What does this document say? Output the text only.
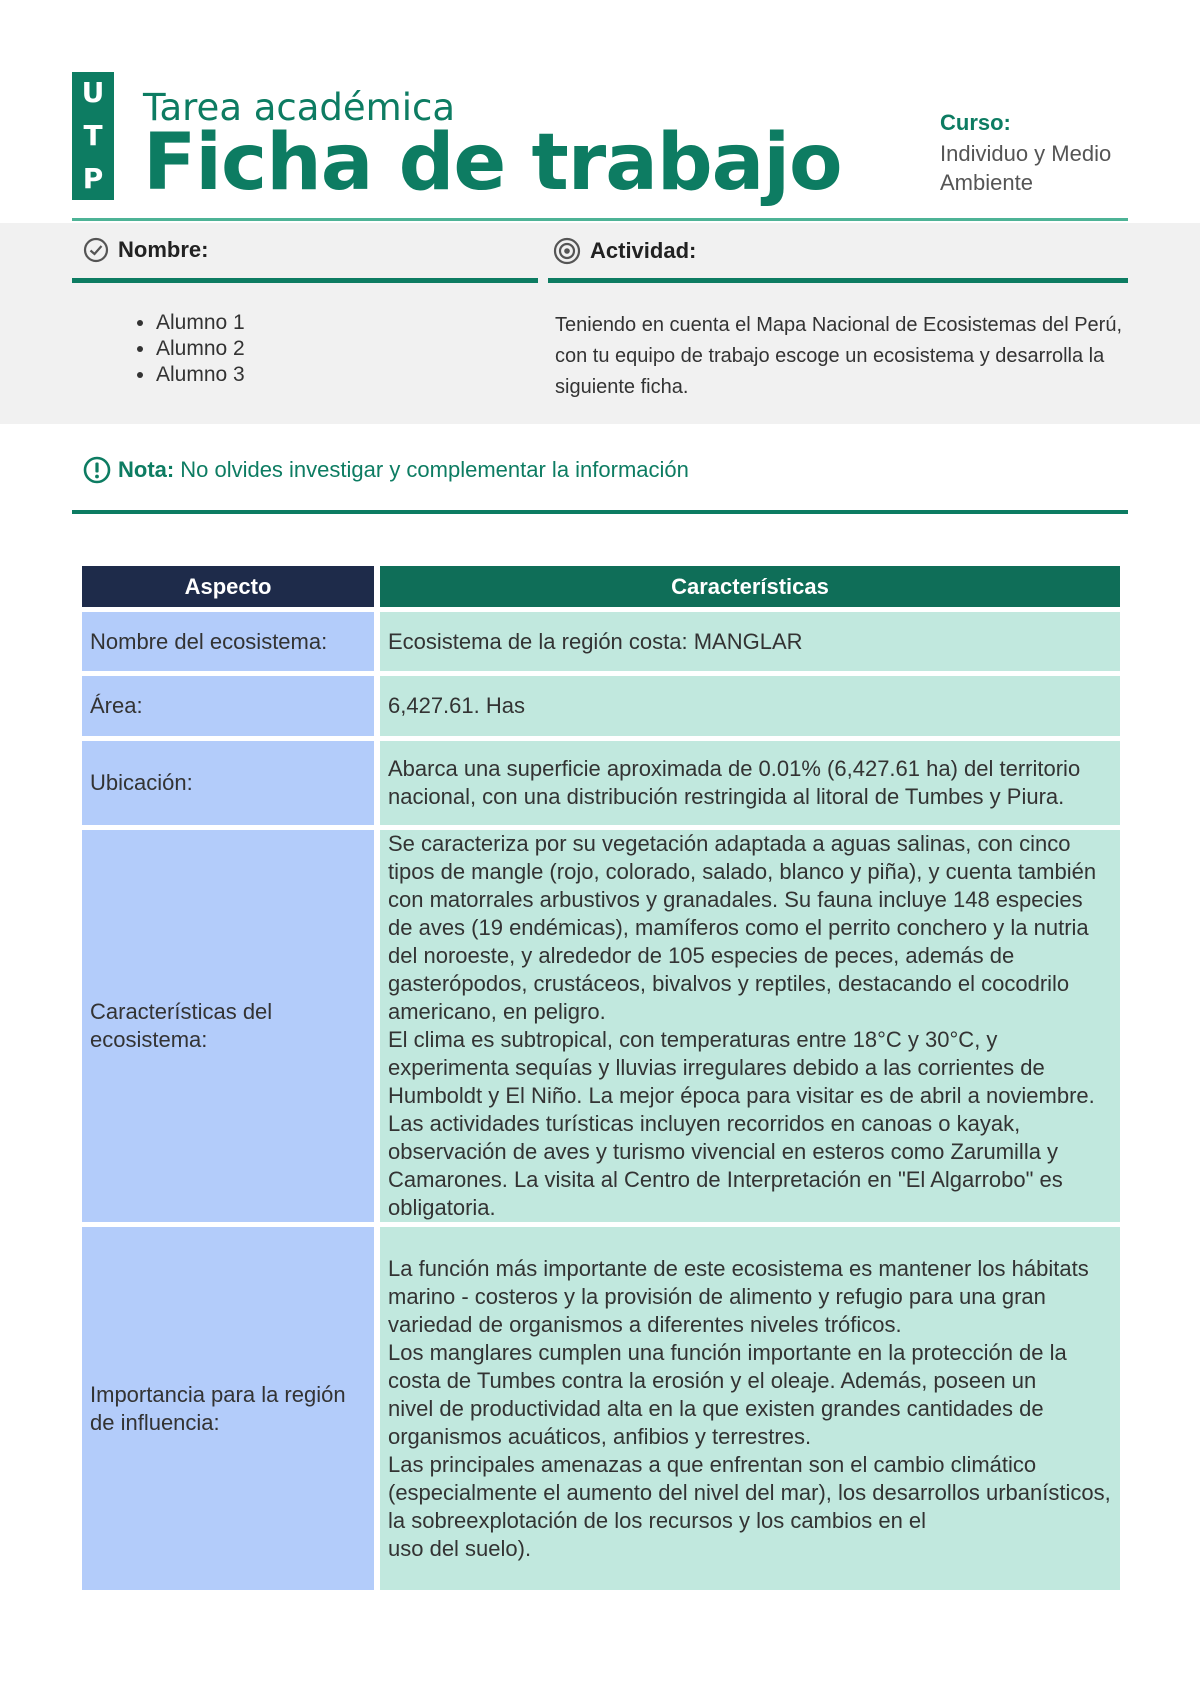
U
T
P
Tarea académica
Ficha de trabajo	Curso:
Individuo y Medio Ambiente
Nombre:	Actividad:
• Alumno 1
• Alumno 2
• Alumno 3
Teniendo en cuenta el Mapa Nacional de Ecosistemas del Perú, con tu equipo de trabajo escoge un ecosistema y desarrolla la siguiente ficha.
Nota: No olvides investigar y complementar la información
Aspecto	Características
Nombre del ecosistema:	Ecosistema de la región costa: MANGLAR
Área:	6,427.61. Has
Ubicación:	Abarca una superficie aproximada de 0.01% (6,427.61 ha) del territorio nacional, con una distribución restringida al litoral de Tumbes y Piura.
Características del ecosistema:	Se caracteriza por su vegetación adaptada a aguas salinas, con cinco tipos de mangle (rojo, colorado, salado, blanco y piña), y cuenta también con matorrales arbustivos y granadales. Su fauna incluye 148 especies de aves (19 endémicas), mamíferos como el perrito conchero y la nutria del noroeste, y alrededor de 105 especies de peces, además de gasterópodos, crustáceos, bivalvos y reptiles, destacando el cocodrilo americano, en peligro.
El clima es subtropical, con temperaturas entre 18°C y 30°C, y experimenta sequías y lluvias irregulares debido a las corrientes de Humboldt y El Niño. La mejor época para visitar es de abril a noviembre. Las actividades turísticas incluyen recorridos en canoas o kayak, observación de aves y turismo vivencial en esteros como Zarumilla y Camarones. La visita al Centro de Interpretación en "El Algarrobo" es obligatoria.
Importancia para la región de influencia:	La función más importante de este ecosistema es mantener los hábitats marino - costeros y la provisión de alimento y refugio para una gran variedad de organismos a diferentes niveles tróficos.
Los manglares cumplen una función importante en la protección de la costa de Tumbes contra la erosión y el oleaje. Además, poseen un
nivel de productividad alta en la que existen grandes cantidades de organismos acuáticos, anfibios y terrestres.
Las principales amenazas a que enfrentan son el cambio climático (especialmente el aumento del nivel del mar), los desarrollos urbanísticos, la sobreexplotación de los recursos y los cambios en el
uso del suelo).
